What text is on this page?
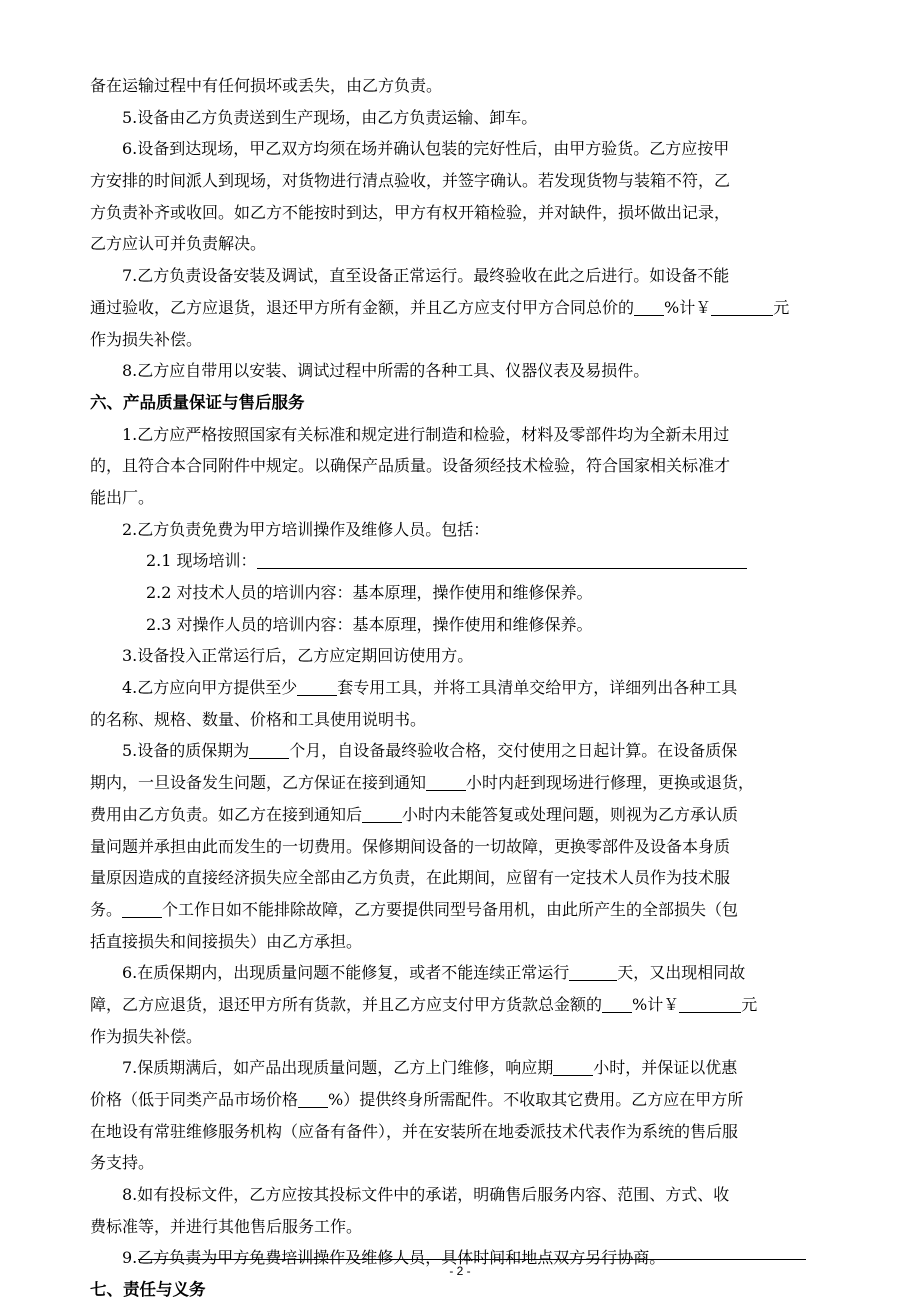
备在运输过程中有任何损坏或丢失，由乙方负责。
5.设备由乙方负责送到生产现场，由乙方负责运输、卸车。
6.设备到达现场，甲乙双方均须在场并确认包装的完好性后，由甲方验货。乙方应按甲
方安排的时间派人到现场，对货物进行清点验收，并签字确认。若发现货物与装箱不符，乙
方负责补齐或收回。如乙方不能按时到达，甲方有权开箱检验，并对缺件，损坏做出记录，
乙方应认可并负责解决。
7.乙方负责设备安装及调试，直至设备正常运行。最终验收在此之后进行。如设备不能
通过验收，乙方应退货，退还甲方所有金额，并且乙方应支付甲方合同总价的 %计￥	元
作为损失补偿。
8.乙方应自带用以安装、调试过程中所需的各种工具、仪器仪表及易损件。
六、产品质量保证与售后服务
1.乙方应严格按照国家有关标准和规定进行制造和检验，材料及零部件均为全新未用过
的，且符合本合同附件中规定。以确保产品质量。设备须经技术检验，符合国家相关标准才
能出厂。
2.乙方负责免费为甲方培训操作及维修人员。包括：
2.1 现场培训：
2.2 对技术人员的培训内容：基本原理，操作使用和维修保养。
2.3 对操作人员的培训内容：基本原理，操作使用和维修保养。
3.设备投入正常运行后，乙方应定期回访使用方。
4.乙方应向甲方提供至少	套专用工具，并将工具清单交给甲方，详细列出各种工具
的名称、规格、数量、价格和工具使用说明书。
5.设备的质保期为	个月，自设备最终验收合格，交付使用之日起计算。在设备质保
期内，一旦设备发生问题，乙方保证在接到通知	小时内赶到现场进行修理，更换或退货，
费用由乙方负责。如乙方在接到通知后	小时内未能答复或处理问题，则视为乙方承认质
量问题并承担由此而发生的一切费用。保修期间设备的一切故障，更换零部件及设备本身质
量原因造成的直接经济损失应全部由乙方负责，在此期间，应留有一定技术人员作为技术服
务。	个工作日如不能排除故障，乙方要提供同型号备用机，由此所产生的全部损失（包
括直接损失和间接损失）由乙方承担。
6.在质保期内，出现质量问题不能修复，或者不能连续正常运行	天，又出现相同故
障，乙方应退货，退还甲方所有货款，并且乙方应支付甲方货款总金额的 %计￥	元
作为损失补偿。
7.保质期满后，如产品出现质量问题，乙方上门维修，响应期	小时，并保证以优惠
价格（低于同类产品市场价格 %）提供终身所需配件。不收取其它费用。乙方应在甲方所
在地设有常驻维修服务机构（应备有备件），并在安装所在地委派技术代表作为系统的售后服
务支持。
8.如有投标文件，乙方应按其投标文件中的承诺，明确售后服务内容、范围、方式、收
费标准等，并进行其他售后服务工作。
9.乙方负责为甲方免费培训操作及维修人员，具体时间和地点双方另行协商。
七、责任与义务
- 2 -
